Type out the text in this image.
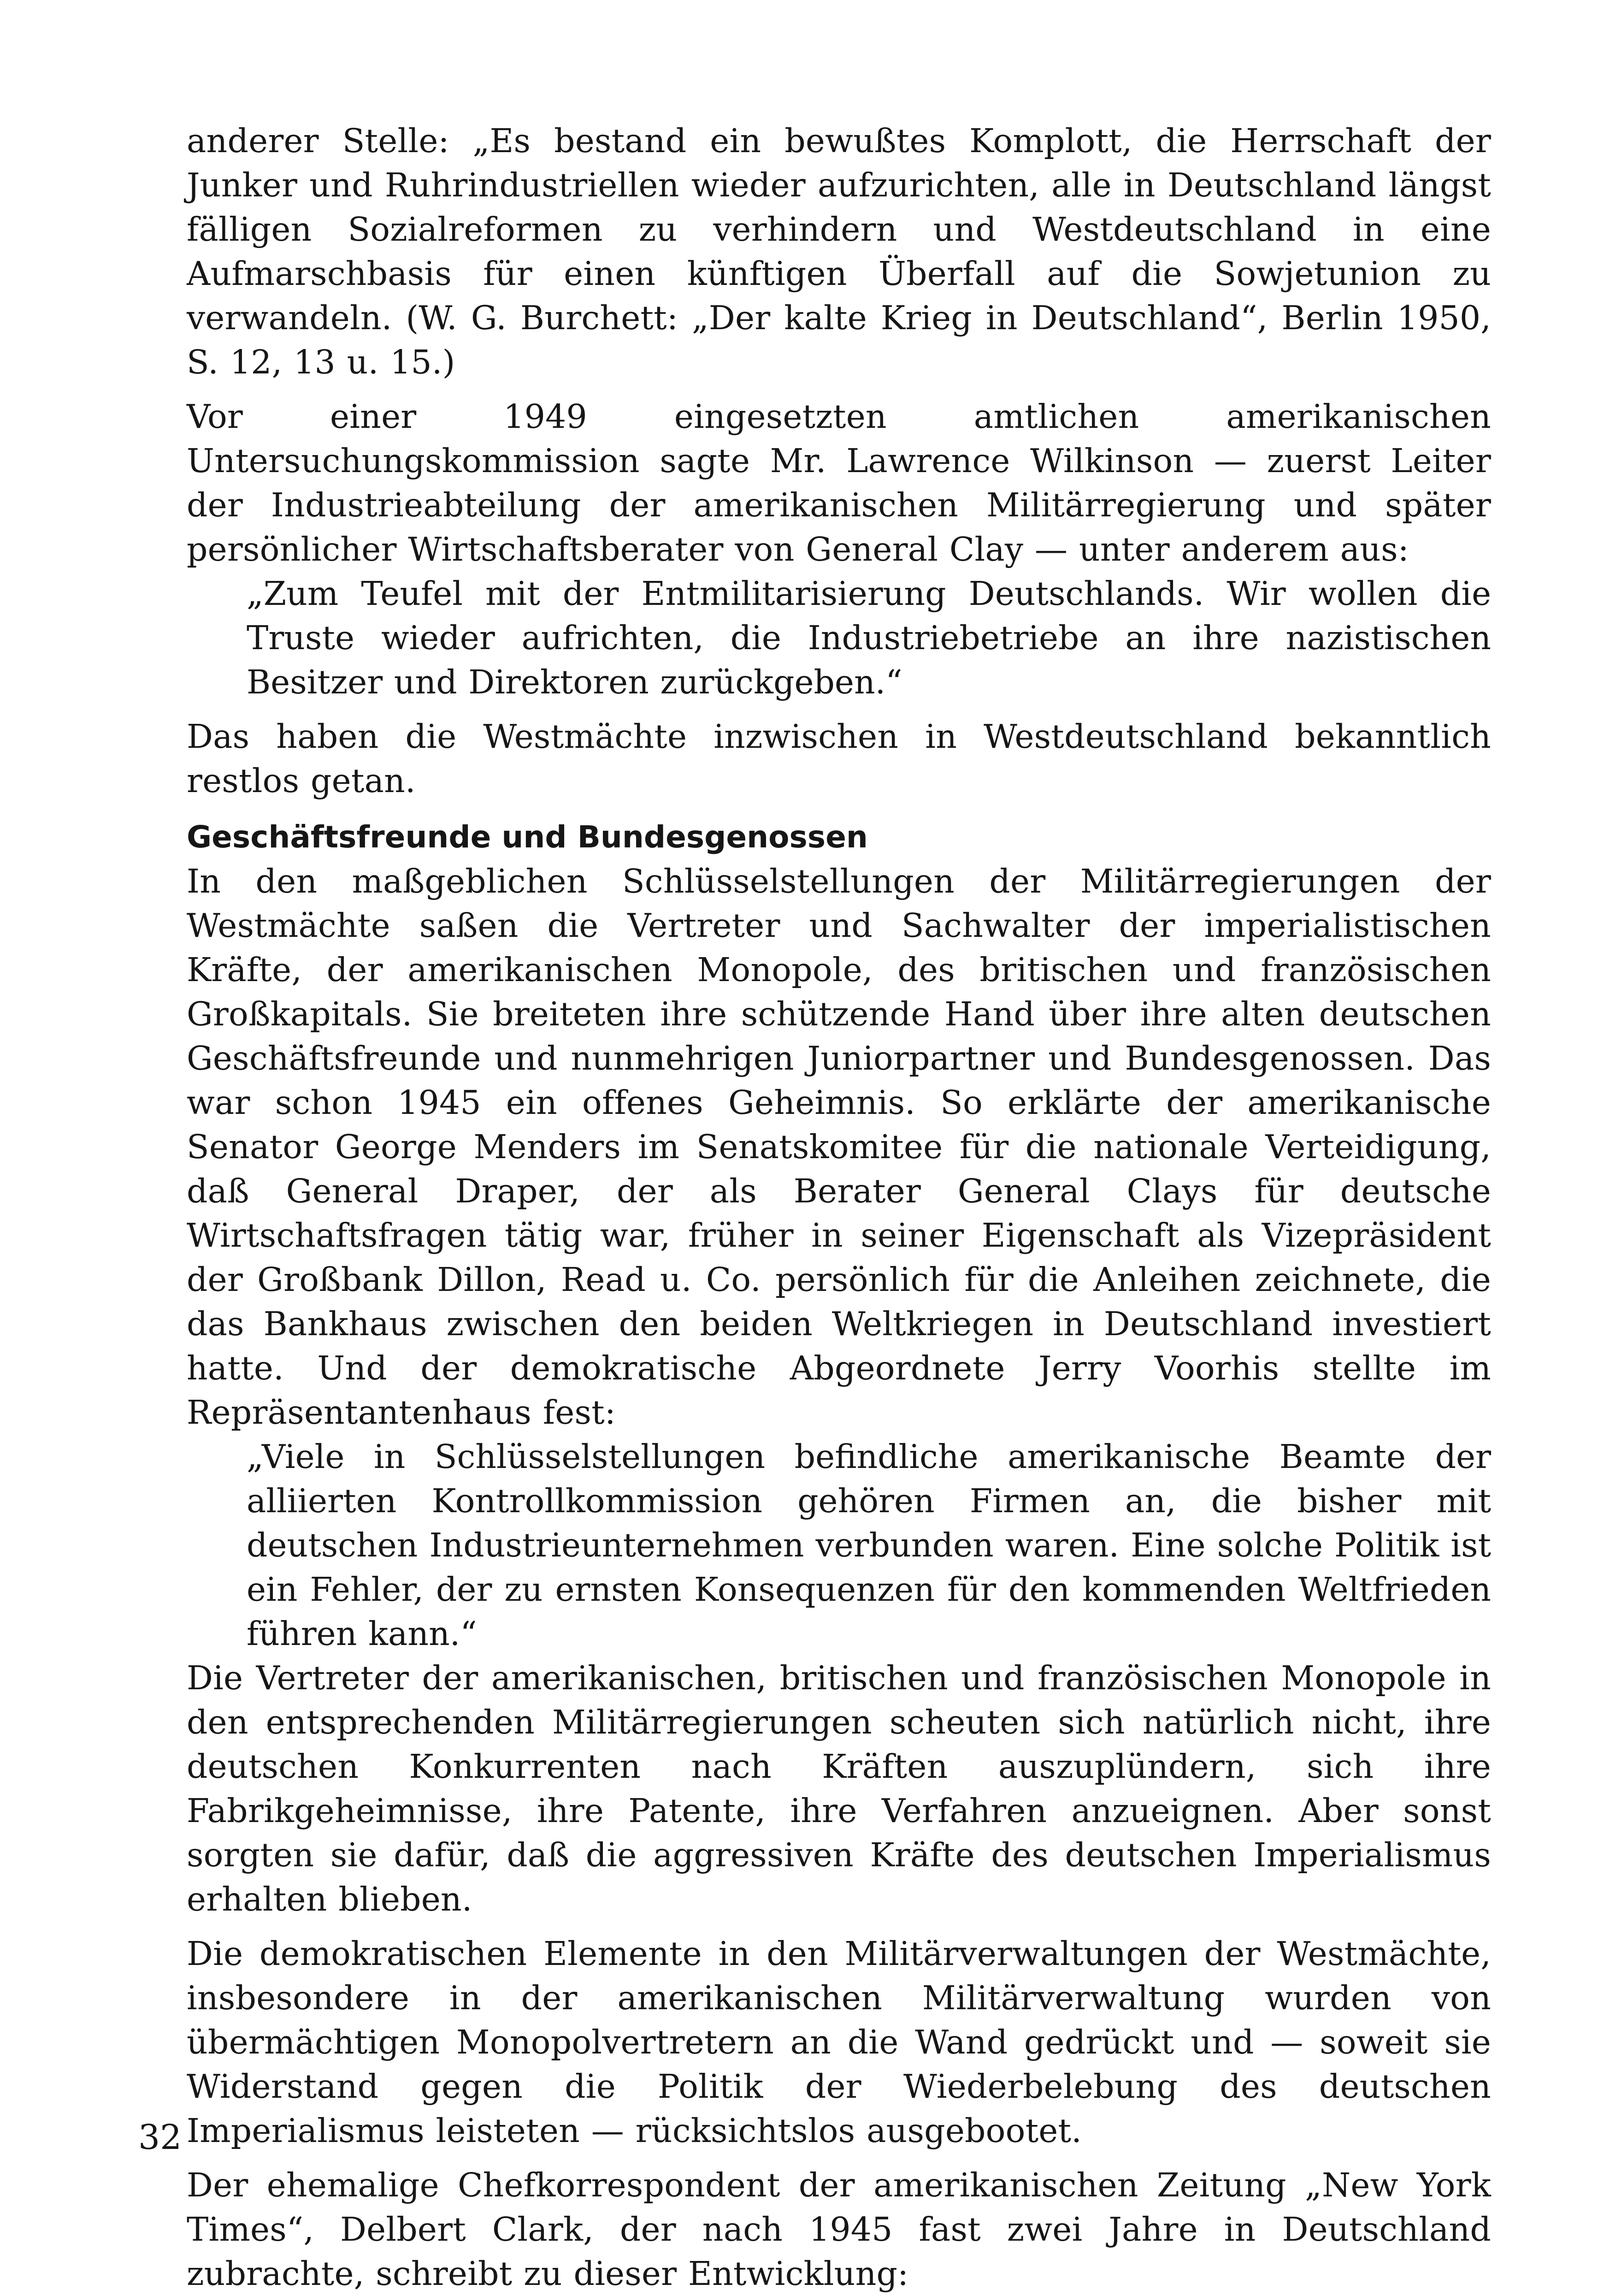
anderer Stelle: „Es bestand ein bewußtes Komplott, die Herrschaft der Junker und Ruhrindustriellen wieder aufzurichten, alle in Deutschland längst fälligen Sozialreformen zu verhindern und Westdeutschland in eine Aufmarschbasis für einen künftigen Überfall auf die Sowjetunion zu verwandeln. (W. G. Burchett: „Der kalte Krieg in Deutschland“, Berlin 1950, S. 12, 13 u. 15.)

Vor einer 1949 eingesetzten amtlichen amerikanischen Untersuchungskommission sagte Mr. Lawrence Wilkinson — zuerst Leiter der Industrieabteilung der amerikanischen Militärregierung und später persönlicher Wirtschaftsberater von General Clay — unter anderem aus:

„Zum Teufel mit der Entmilitarisierung Deutschlands. Wir wollen die Truste wieder aufrichten, die Industriebetriebe an ihre nazistischen Besitzer und Direktoren zurückgeben.“

Das haben die Westmächte inzwischen in Westdeutschland bekanntlich restlos getan.

Geschäftsfreunde und Bundesgenossen

In den maßgeblichen Schlüsselstellungen der Militärregierungen der Westmächte saßen die Vertreter und Sachwalter der imperialistischen Kräfte, der amerikanischen Monopole, des britischen und französischen Großkapitals. Sie breiteten ihre schützende Hand über ihre alten deutschen Geschäftsfreunde und nunmehrigen Juniorpartner und Bundesgenossen. Das war schon 1945 ein offenes Geheimnis. So erklärte der amerikanische Senator George Menders im Senatskomitee für die nationale Verteidigung, daß General Draper, der als Berater General Clays für deutsche Wirtschaftsfragen tätig war, früher in seiner Eigenschaft als Vizepräsident der Großbank Dillon, Read u. Co. persönlich für die Anleihen zeichnete, die das Bankhaus zwischen den beiden Weltkriegen in Deutschland investiert hatte. Und der demokratische Abgeordnete Jerry Voorhis stellte im Repräsentantenhaus fest:

„Viele in Schlüsselstellungen befindliche amerikanische Beamte der alliierten Kontrollkommission gehören Firmen an, die bisher mit deutschen Industrieunternehmen verbunden waren. Eine solche Politik ist ein Fehler, der zu ernsten Konsequenzen für den kommenden Weltfrieden führen kann.“

Die Vertreter der amerikanischen, britischen und französischen Monopole in den entsprechenden Militärregierungen scheuten sich natürlich nicht, ihre deutschen Konkurrenten nach Kräften auszuplündern, sich ihre Fabrikgeheimnisse, ihre Patente, ihre Verfahren anzueignen. Aber sonst sorgten sie dafür, daß die aggressiven Kräfte des deutschen Imperialismus erhalten blieben.

Die demokratischen Elemente in den Militärverwaltungen der Westmächte, insbesondere in der amerikanischen Militärverwaltung wurden von übermächtigen Monopolvertretern an die Wand gedrückt und — soweit sie Widerstand gegen die Politik der Wiederbelebung des deutschen Imperialismus leisteten — rücksichtslos ausgebootet.

Der ehemalige Chefkorrespondent der amerikanischen Zeitung „New York Times“, Delbert Clark, der nach 1945 fast zwei Jahre in Deutschland zubrachte, schreibt zu dieser Entwicklung:

32
